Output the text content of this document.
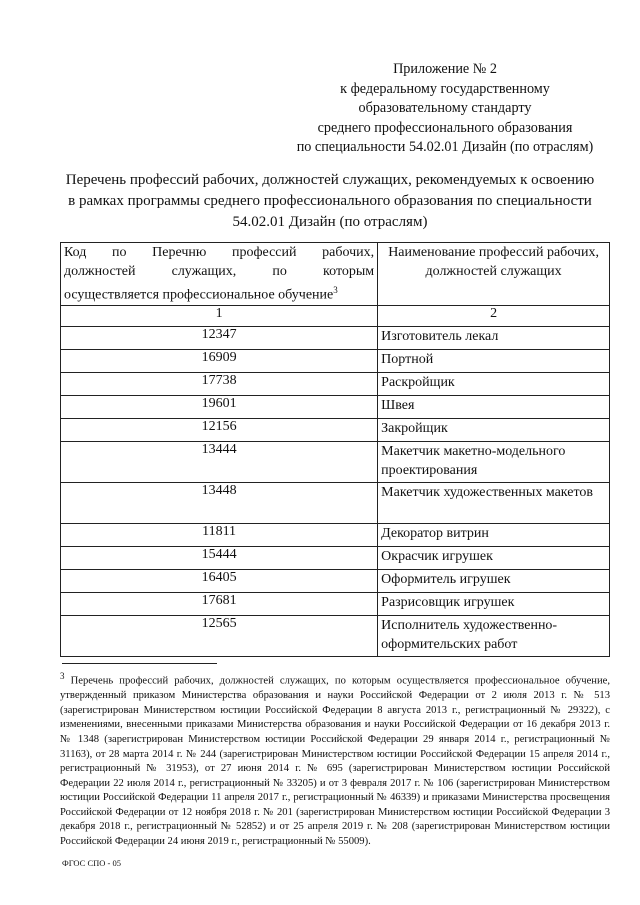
Приложение № 2
к федеральному государственному
образовательному стандарту
среднего профессионального образования
по специальности 54.02.01 Дизайн (по отраслям)
Перечень профессий рабочих, должностей служащих, рекомендуемых к освоению
в рамках программы среднего профессионального образования по специальности
54.02.01 Дизайн (по отраслям)
Код по Перечню профессий рабочих,
должностей служащих, по которым
осуществляется профессиональное обучение$^3$	Наименование профессий рабочих, должностей служащих
1	2
12347	Изготовитель лекал
16909	Портной
17738	Раскройщик
19601	Швея
12156	Закройщик
13444	Макетчик макетно-модельного проектирования
13448	Макетчик художественных макетов
11811	Декоратор витрин
15444	Окрасчик игрушек
16405	Оформитель игрушек
17681	Разрисовщик игрушек
12565	Исполнитель художественно-оформительских работ
$^3$ Перечень профессий рабочих, должностей служащих, по которым осуществляется профессиональное обучение, утвержденный приказом Министерства образования и науки Российской Федерации от 2 июля 2013 г. № 513 (зарегистрирован Министерством юстиции Российской Федерации 8 августа 2013 г., регистрационный № 29322), с изменениями, внесенными приказами Министерства образования и науки Российской Федерации от 16 декабря 2013 г. № 1348 (зарегистрирован Министерством юстиции Российской Федерации 29 января 2014 г., регистрационный № 31163), от 28 марта 2014 г. № 244 (зарегистрирован Министерством юстиции Российской Федерации 15 апреля 2014 г., регистрационный № 31953), от 27 июня 2014 г. № 695 (зарегистрирован Министерством юстиции Российской Федерации 22 июля 2014 г., регистрационный № 33205) и от 3 февраля 2017 г. № 106 (зарегистрирован Министерством юстиции Российской Федерации 11 апреля 2017 г., регистрационный № 46339) и приказами Министерства просвещения Российской Федерации от 12 ноября 2018 г. № 201 (зарегистрирован Министерством юстиции Российской Федерации 3 декабря 2018 г., регистрационный № 52852) и от 25 апреля 2019 г. № 208 (зарегистрирован Министерством юстиции Российской Федерации 24 июня 2019 г., регистрационный № 55009).
ФГОС СПО - 05
